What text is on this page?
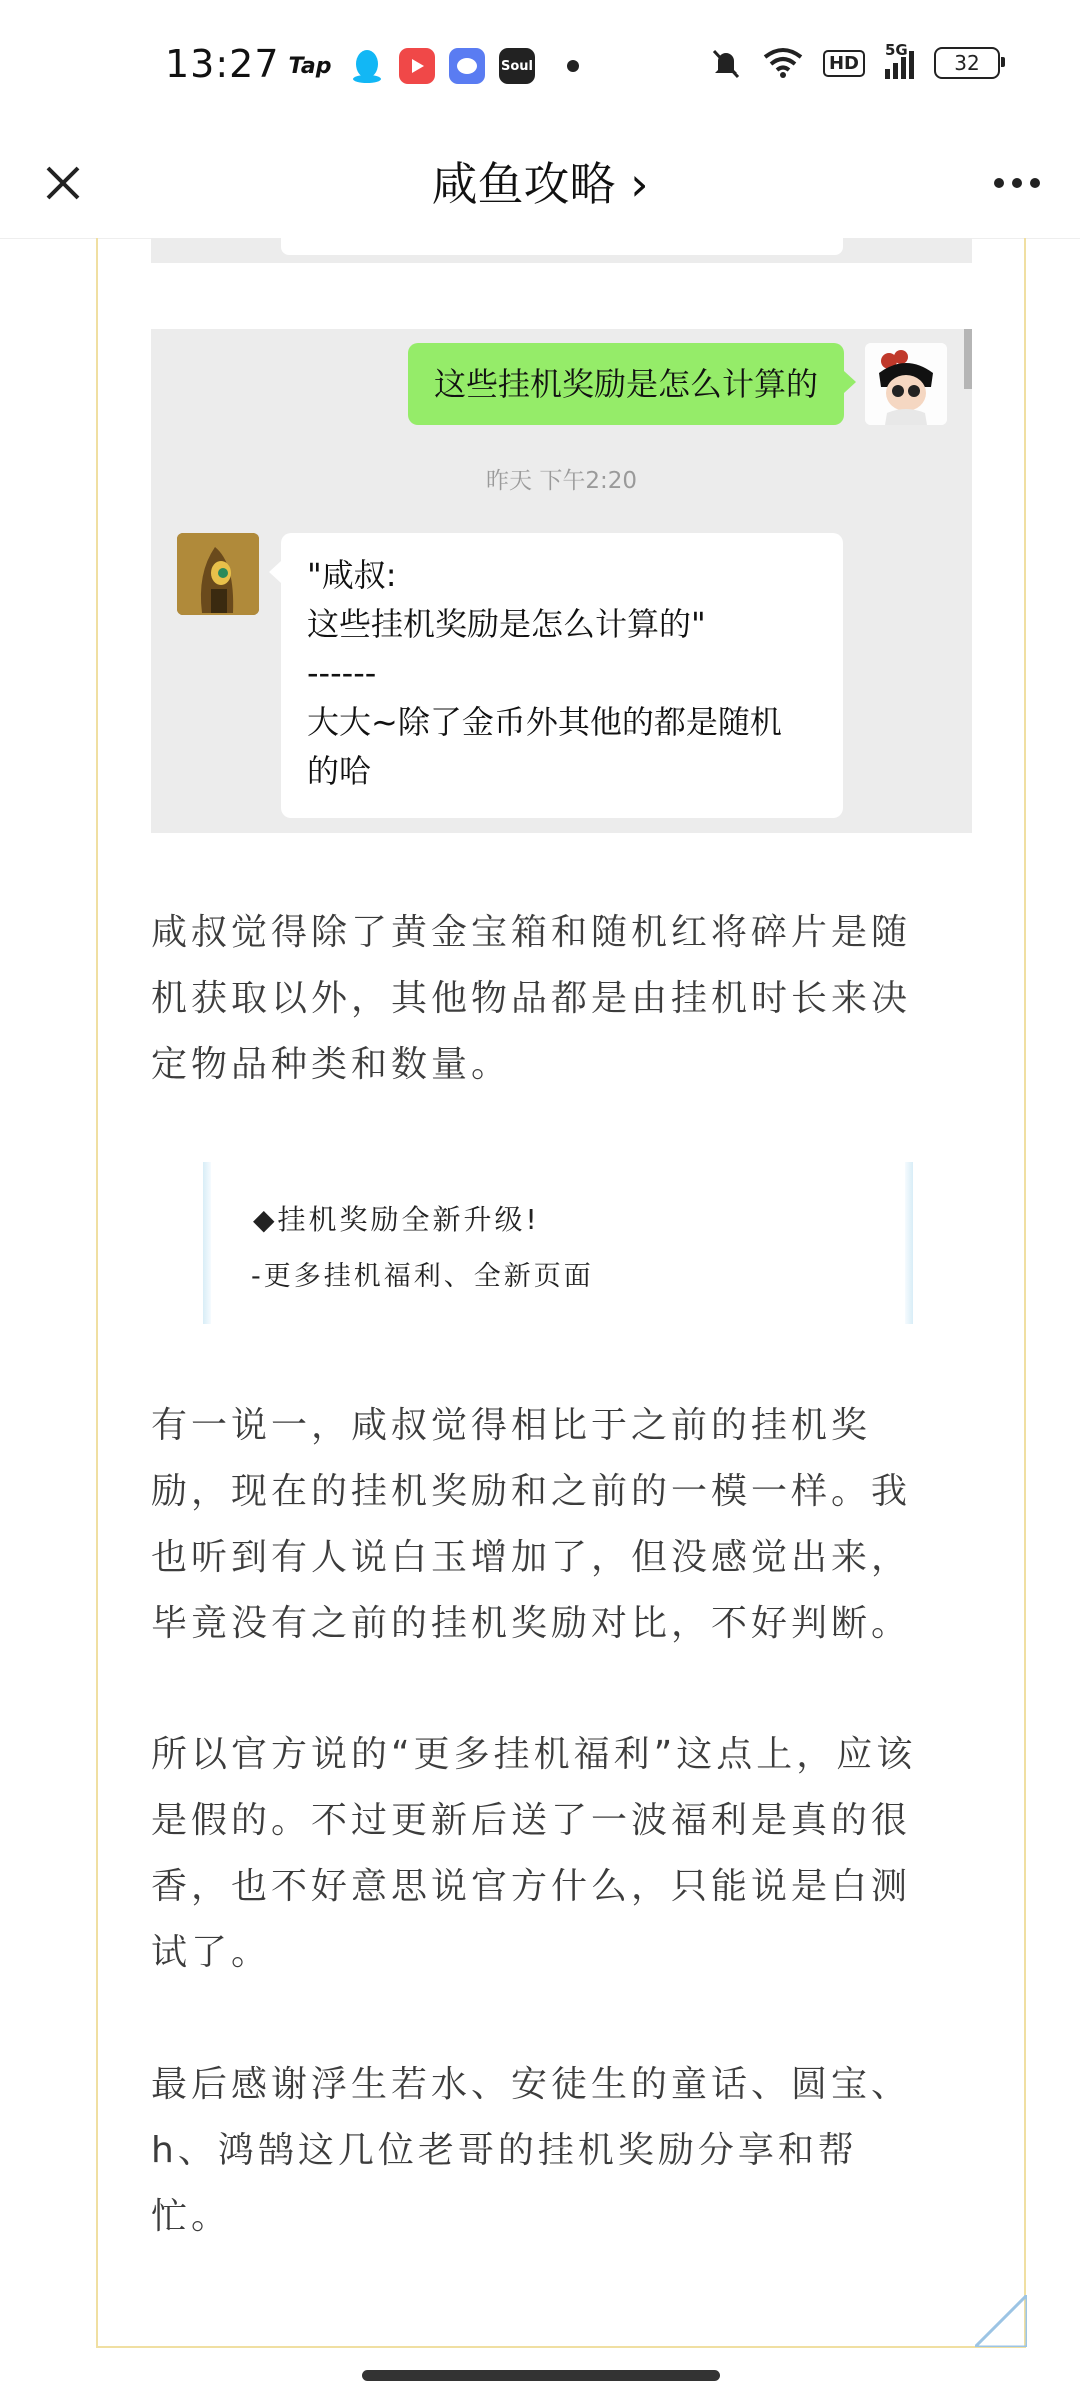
13:27 Tap	Soul	HD
5G
32
咸鱼攻略 ›
这些挂机奖励是怎么计算的
昨天 下午2:20
"咸叔:
这些挂机奖励是怎么计算的"
------
大大~除了金币外其他的都是随机
的哈
咸叔觉得除了黄金宝箱和随机红将碎片是随
机获取以外，其他物品都是由挂机时长来决
定物品种类和数量。
◆挂机奖励全新升级!
-更多挂机福利、全新页面
有一说一，咸叔觉得相比于之前的挂机奖
励，现在的挂机奖励和之前的一模一样。我
也听到有人说白玉增加了，但没感觉出来，
毕竟没有之前的挂机奖励对比，不好判断。
所以官方说的“更多挂机福利”这点上，应该
是假的。不过更新后送了一波福利是真的很
香，也不好意思说官方什么，只能说是白测
试了。
最后感谢浮生若水、安徒生的童话、圆宝、
h、鸿鹄这几位老哥的挂机奖励分享和帮
忙。
